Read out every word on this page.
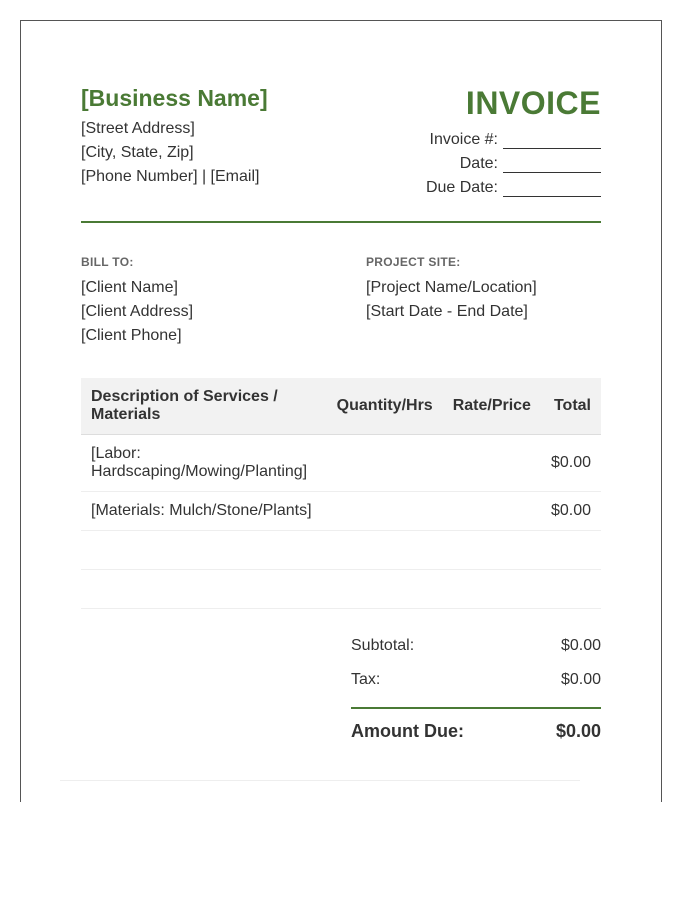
[Business Name]
[Street Address]
[City, State, Zip]
[Phone Number] | [Email]
INVOICE
Invoice #:
Date:
Due Date:
BILL TO:
[Client Name]
[Client Address]
[Client Phone]
PROJECT SITE:
[Project Name/Location]
[Start Date - End Date]
Description of Services / Materials	Quantity/Hrs	Rate/Price	Total
[Labor: Hardscaping/Mowing/Planting]			$0.00
[Materials: Mulch/Stone/Plants]			$0.00

Subtotal:	$0.00
Tax:	$0.00
Amount Due:	$0.00
